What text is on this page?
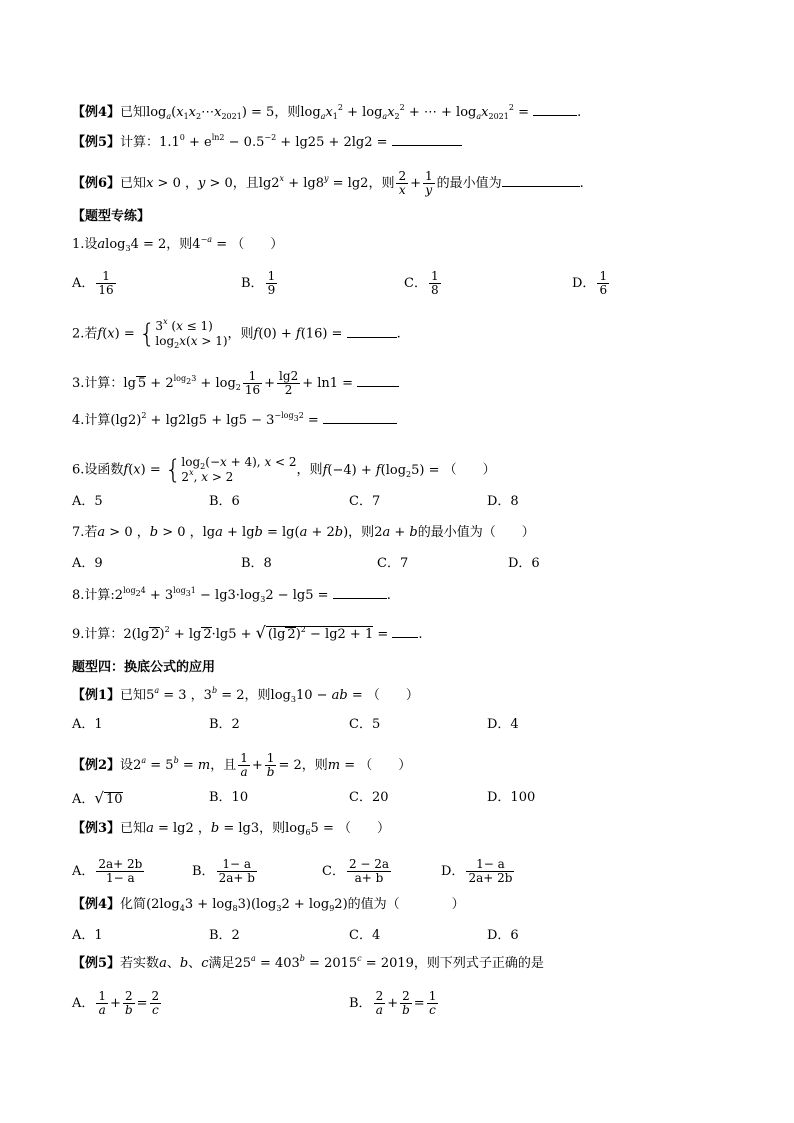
【例4】已知$\log_a(x_1x_2\cdots x_{2021}) = 5$，则$\log_ax_1^2 + \log_ax_2^2$ + ⋯ + $\log_ax_{2021}^2$ =	.
【例5】计算：$1.1^0 + e^{ln2} - 0.5^{-2} + \lg 25 + 2\lg 2$ =
【例6】已知x > 0 ，y > 0，且$\lg 2^x + \lg 8^y = \lg 2$，则 $\frac{2}{x} + \frac{1}{y}$ 的最小值为	.
【题型专练】
1.设alog$_3$4 = 2，则$4^{-a}$ = （　　）
A． $\frac{1}{16}$	B． $\frac{1}{9}$	C． $\frac{1}{8}$	D． $\frac{1}{6}$
2.若$f(x) = \{3^x$ (x ≤ 1)
$\log_2x(x > 1)$，则f(0) + f(16) =	.
3.计算：$\lg 5 + 2^{log_23} + \log_2 \frac{1}{16} + \frac{\lg 2}{2} + \ln 1$ =
4.计算$(\lg 2)^2 + \lg 2\lg 5 + \lg 5 - 3^{-log_32}$ =
6.设函数$f(x) = \{\log_2(-x + 4)$, x < 2
2$^x$, x > 2	，则$f(-4) + f(\log_25)$ = （　　）
A．5	B．6	C．7	D．8
7.若a > 0 ，b > 0 ，lga + lgb = lg(a + 2b)，则2a + b的最小值为（　　）
A．9	B．8	C．7	D．6
8.计算$:2^{log_24} + 3^{log_31} - \lg 3\cdot\log_32 - \lg 5$ =	.
9.计算：2(lg 2)$^2$ + lg 2·lg5 + √ (lg 2)$^2$ − lg2 + 1 = .
题型四：换底公式的应用
【例1】已知$5^a = 3$ ，$3^b = 2$，则$\log_310$ − ab = （　　）
A．1	B．2	C．5	D．4
【例2】设$2^a = 5^b = m$，且 $\frac{1}{a} + \frac{1}{b} = 2$，则m = （　　）
A．√ 10	B．10	C．20	D．100
【例3】已知a = lg2 ，b = lg3，则$\log_65$ = （　　）
A． $\frac{2a+ 2b}{1- a}$	B． $\frac{1- a}{2a+ b}$	C． $\frac{2 - 2a}{a+ b}$	D． $\frac{1- a}{2a+ 2b}$
【例4】化简$(2\log_43 + \log_83)(\log_32 + \log_92)$的值为（　　　　）
A．1	B．2	C．4	D．6
【例5】若实数a、b、c满足$25^a = 403^b = 2015^c = 2019$，则下列式子正确的是
A． $\frac{1}{a} + \frac{2}{b} = \frac{2}{c}$	B． $\frac{2}{a} + \frac{2}{b} = \frac{1}{c}$
